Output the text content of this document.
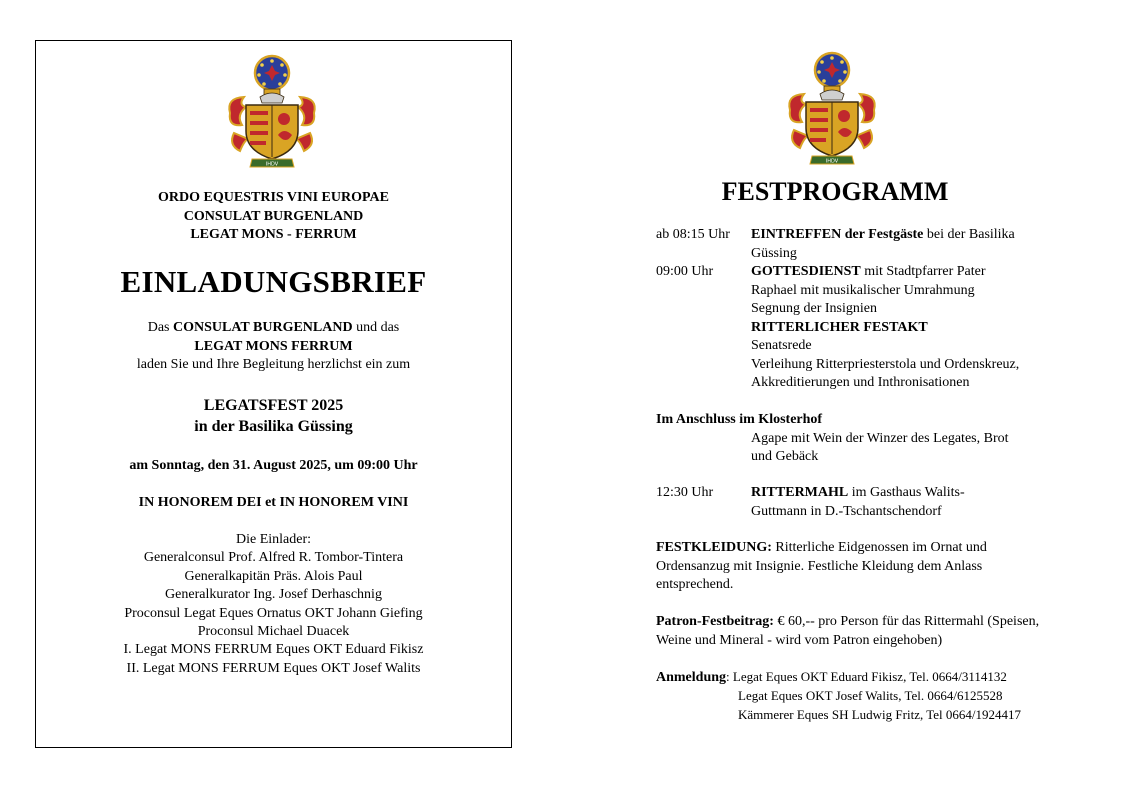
IHDV
ORDO EQUESTRIS VINI EUROPAE
CONSULAT BURGENLAND
LEGAT MONS - FERRUM
EINLADUNGSBRIEF
Das CONSULAT BURGENLAND und das
LEGAT MONS FERRUM
laden Sie und Ihre Begleitung herzlichst ein zum
LEGATSFEST 2025
in der Basilika Güssing
am Sonntag, den 31. August 2025, um 09:00 Uhr
IN HONOREM DEI et IN HONOREM VINI
Die Einlader:
Generalconsul Prof. Alfred R. Tombor-Tintera
Generalkapitän Präs. Alois Paul
Generalkurator Ing. Josef Derhaschnig
Proconsul Legat Eques Ornatus OKT Johann Giefing
Proconsul Michael Duacek
I. Legat MONS FERRUM Eques OKT Eduard Fikisz
II. Legat MONS FERRUM Eques OKT Josef Walits
IHDV
FESTPROGRAMM
ab 08:15 Uhr	EINTREFFEN der Festgäste bei der Basilika
Güssing
09:00 Uhr	GOTTESDIENST mit Stadtpfarrer Pater
Raphael mit musikalischer Umrahmung
Segnung der Insignien
RITTERLICHER FESTAKT
Senatsrede
Verleihung Ritterpriesterstola und Ordenskreuz,
Akkreditierungen und Inthronisationen
Im Anschluss im Klosterhof
Agape mit Wein der Winzer des Legates, Brot
und Gebäck
12:30 Uhr	RITTERMAHL im Gasthaus Walits-
Guttmann in D.-Tschantschendorf
FESTKLEIDUNG: Ritterliche Eidgenossen im Ornat und Ordensanzug mit Insignie. Festliche Kleidung dem Anlass entsprechend.
Patron-Festbeitrag: € 60,-- pro Person für das Rittermahl (Speisen, Weine und Mineral - wird vom Patron eingehoben)
Anmeldung: Legat Eques OKT Eduard Fikisz, Tel. 0664/3114132
Legat Eques OKT Josef Walits, Tel. 0664/6125528
Kämmerer Eques SH Ludwig Fritz, Tel 0664/1924417
